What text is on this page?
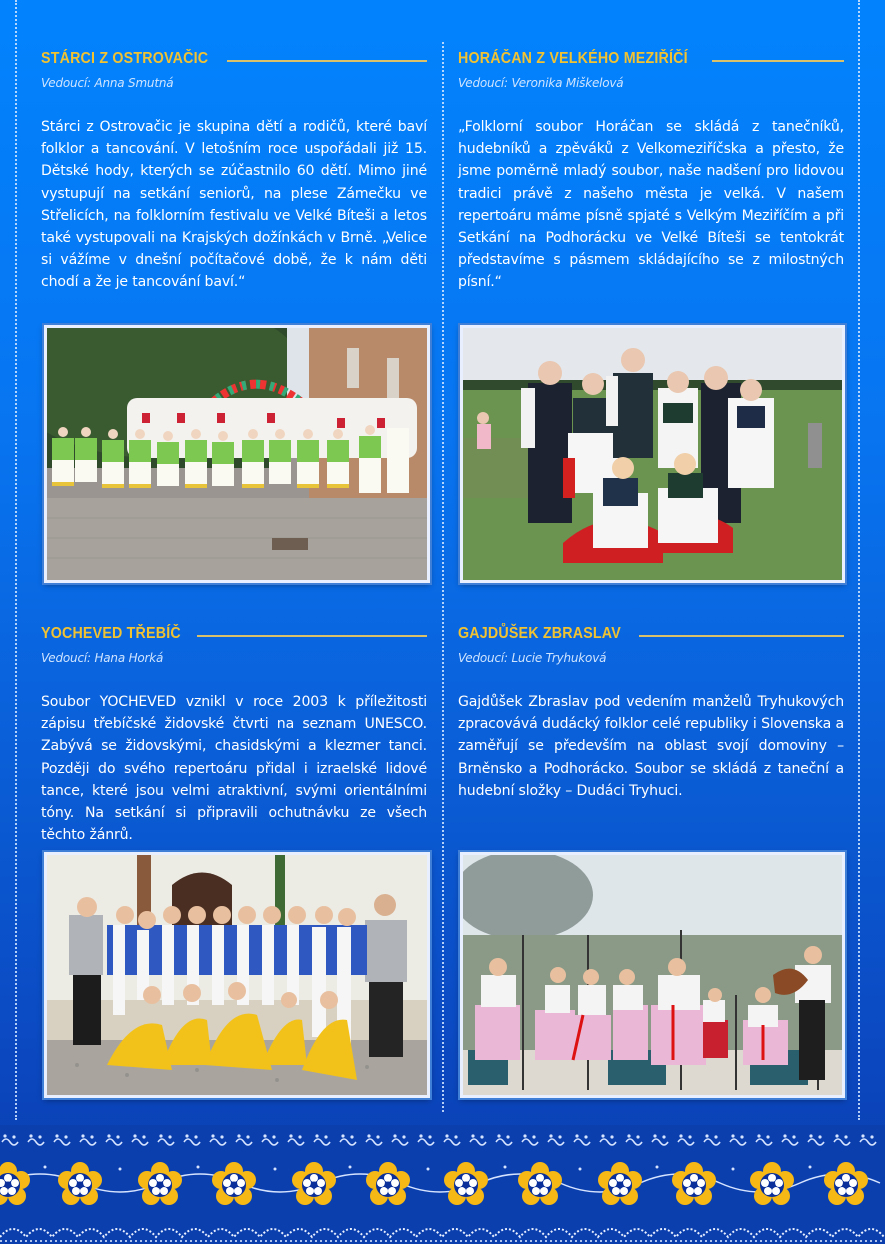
STÁRCI Z OSTROVAČIC
Vedoucí: Anna Smutná
Stárci z Ostrovačic je skupina dětí a rodičů, které baví folklor a tancování. V letošním roce uspořádali již 15. Dětské hody, kterých se zúčastnilo 60 dětí. Mimo jiné vystupují na setkání seniorů, na plese Zámečku ve Střelicích, na folklorním festivalu ve Velké Bíteši a letos také vystupovali na Krajských dožínkách v Brně. „Velice si vážíme v dnešní počítačové době, že k nám děti chodí a že je tancování baví.“
HORÁČAN Z VELKÉHO MEZIŘÍČÍ
Vedoucí: Veronika Miškelová
„Folklorní soubor Horáčan se skládá z tanečníků, hudebníků a zpěváků z Velkomeziříčska a přesto, že jsme poměrně mladý soubor, naše nadšení pro lidovou tradici právě z našeho města je velká. V našem repertoáru máme písně spjaté s Velkým Meziříčím a při Setkání na Podhorácku ve Velké Bíteši se tentokrát představíme s pásmem skládajícího se z milostných písní.“
YOCHEVED TŘEBÍČ
Vedoucí: Hana Horká
Soubor YOCHEVED vznikl v roce 2003 k příležitosti zápisu třebíčské židovské čtvrti na seznam UNESCO. Zabývá se židovskými, chasidskými a klezmer tanci. Později do svého repertoáru přidal i izraelské lidové tance, které jsou velmi atraktivní, svými orientálními tóny. Na setkání si připravili ochutnávku ze všech těchto žánrů.
GAJDŮŠEK ZBRASLAV
Vedoucí: Lucie Tryhuková
Gajdůšek Zbraslav pod vedením manželů Tryhukových zpracovává dudácký folklor celé republiky i Slovenska a zaměřují se především na oblast svojí domoviny – Brněnsko a Podhorácko. Soubor se skládá z taneční a hudební složky – Dudáci Tryhuci.
